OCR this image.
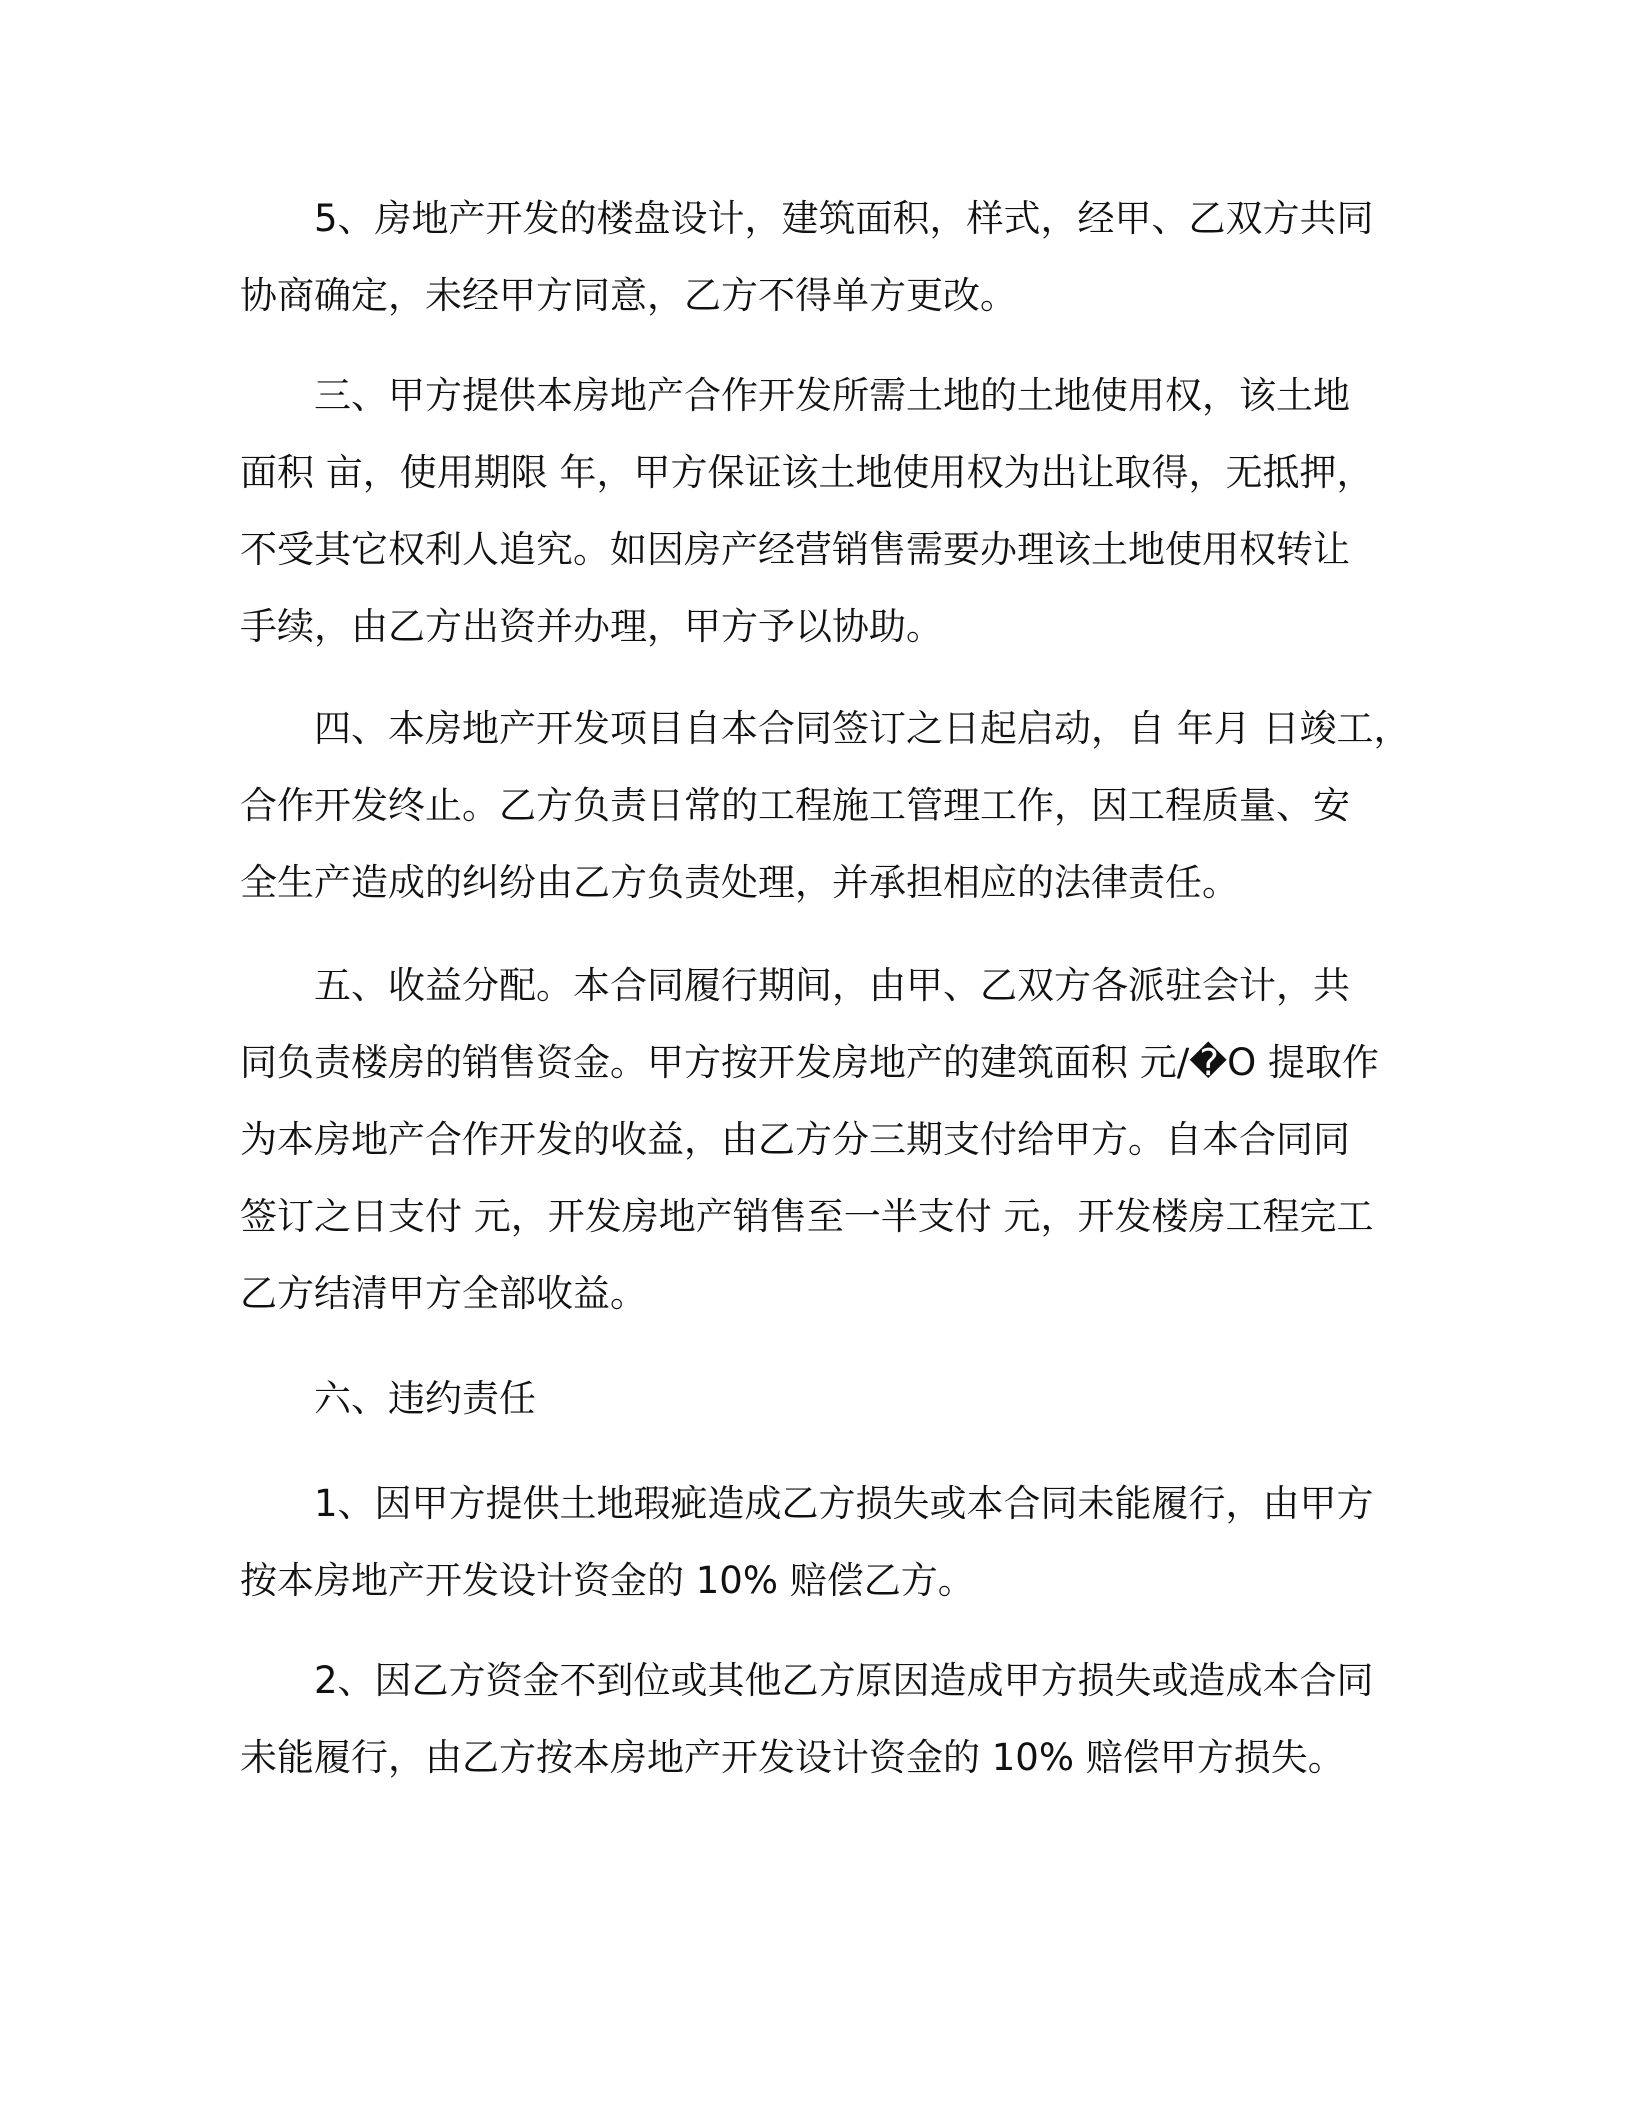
5、房地产开发的楼盘设计，建筑面积，样式，经甲、乙双方共同
协商确定，未经甲方同意，乙方不得单方更改。
三、甲方提供本房地产合作开发所需土地的土地使用权，该土地
面积 亩，使用期限 年，甲方保证该土地使用权为出让取得，无抵押，
不受其它权利人追究。如因房产经营销售需要办理该土地使用权转让
手续，由乙方出资并办理，甲方予以协助。
四、本房地产开发项目自本合同签订之日起启动，自 年月 日竣工，
合作开发终止。乙方负责日常的工程施工管理工作，因工程质量、安
全生产造成的纠纷由乙方负责处理，并承担相应的法律责任。
五、收益分配。本合同履行期间，由甲、乙双方各派驻会计，共
同负责楼房的销售资金。甲方按开发房地产的建筑面积 元/�O 提取作
为本房地产合作开发的收益，由乙方分三期支付给甲方。自本合同同
签订之日支付 元，开发房地产销售至一半支付 元，开发楼房工程完工
乙方结清甲方全部收益。
六、违约责任
1、因甲方提供土地瑕疵造成乙方损失或本合同未能履行，由甲方
按本房地产开发设计资金的 10% 赔偿乙方。
2、因乙方资金不到位或其他乙方原因造成甲方损失或造成本合同
未能履行，由乙方按本房地产开发设计资金的 10% 赔偿甲方损失。
